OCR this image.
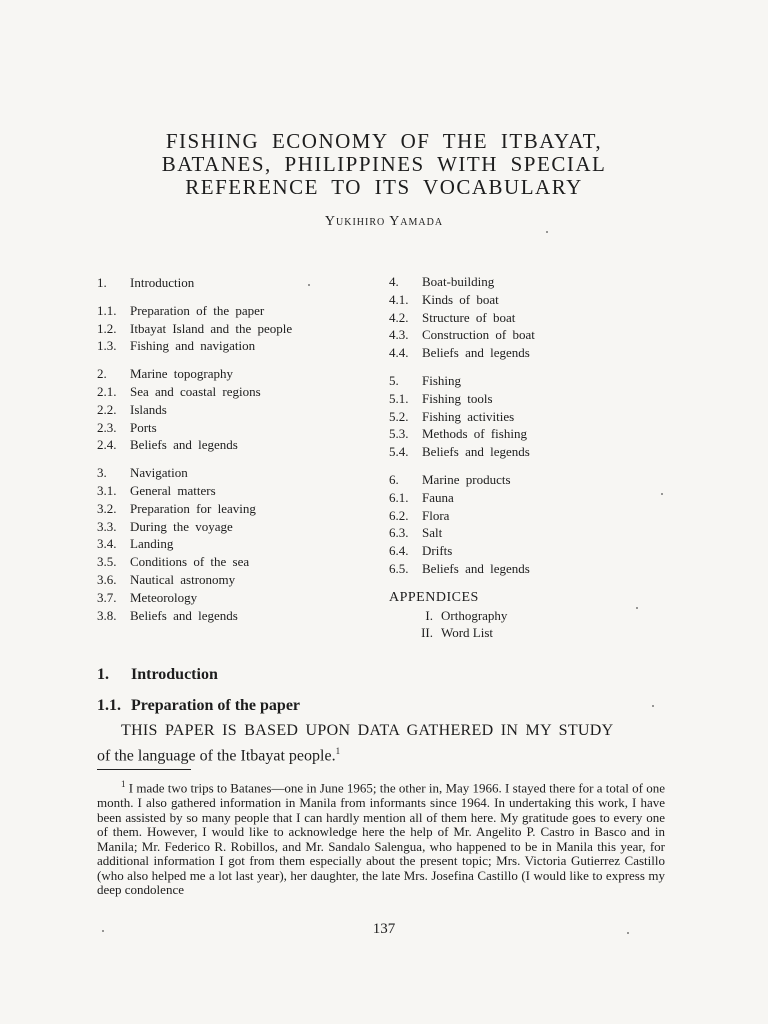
FISHING ECONOMY OF THE ITBAYAT,
BATANES, PHILIPPINES WITH SPECIAL
REFERENCE TO ITS VOCABULARY
Yukihiro Yamada
1.	Introduction
1.1.	Preparation of the paper
1.2.	Itbayat Island and the people
1.3.	Fishing and navigation
2.	Marine topography
2.1.	Sea and coastal regions
2.2.	Islands
2.3.	Ports
2.4.	Beliefs and legends
3.	Navigation
3.1.	General matters
3.2.	Preparation for leaving
3.3.	During the voyage
3.4.	Landing
3.5.	Conditions of the sea
3.6.	Nautical astronomy
3.7.	Meteorology
3.8.	Beliefs and legends
4.	Boat-building
4.1.	Kinds of boat
4.2.	Structure of boat
4.3.	Construction of boat
4.4.	Beliefs and legends
5.	Fishing
5.1.	Fishing tools
5.2.	Fishing activities
5.3.	Methods of fishing
5.4.	Beliefs and legends
6.	Marine products
6.1.	Fauna
6.2.	Flora
6.3.	Salt
6.4.	Drifts
6.5.	Beliefs and legends
APPENDICES
I. Orthography
II. Word List
1. Introduction
1.1. Preparation of the paper
THIS PAPER IS BASED UPON DATA GATHERED IN MY STUDY
of the language of the Itbayat people.$^1$
$^1$ I made two trips to Batanes—one in June 1965; the other in, May 1966. I stayed there for a total of one month. I also gathered information in Manila from informants since 1964. In undertaking this work, I have been assisted by so many people that I can hardly mention all of them here. My gratitude goes to every one of them. However, I would like to acknowledge here the help of Mr. Angelito P. Castro in Basco and in Manila; Mr. Federico R. Robillos, and Mr. Sandalo Salengua, who happened to be in Manila this year, for additional information I got from them especially about the present topic; Mrs. Victoria Gutierrez Castillo (who also helped me a lot last year), her daughter, the late Mrs. Josefina Castillo (I would like to express my deep condolence
137
